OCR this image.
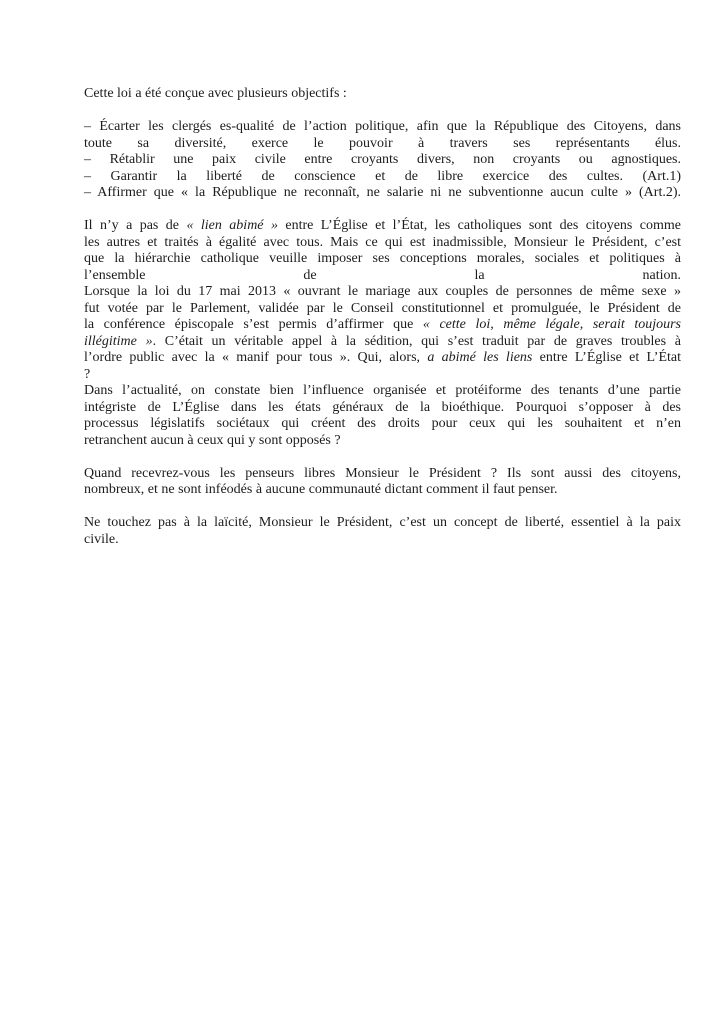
Cette loi a été conçue avec plusieurs objectifs :
– Écarter les clergés es-qualité de l’action politique, afin que la République des Citoyens, dans
toute sa diversité, exerce le pouvoir à travers ses représentants élus.
– Rétablir une paix civile entre croyants divers, non croyants ou agnostiques.
– Garantir la liberté de conscience et de libre exercice des cultes. (Art.1)
– Affirmer que « la République ne reconnaît, ne salarie ni ne subventionne aucun culte » (Art.2).
Il n’y a pas de « lien abimé » entre L’Église et l’État, les catholiques sont des citoyens comme
les autres et traités à égalité avec tous. Mais ce qui est inadmissible, Monsieur le Président, c’est
que la hiérarchie catholique veuille imposer ses conceptions morales, sociales et politiques à
l’ensemble de la nation.
Lorsque la loi du 17 mai 2013 « ouvrant le mariage aux couples de personnes de même sexe »
fut votée par le Parlement, validée par le Conseil constitutionnel et promulguée, le Président de
la conférence épiscopale s’est permis d’affirmer que « cette loi, même légale, serait toujours
illégitime ». C’était un véritable appel à la sédition, qui s’est traduit par de graves troubles à
l’ordre public avec la « manif pour tous ». Qui, alors, a abimé les liens entre L’Église et L’État
?
Dans l’actualité, on constate bien l’influence organisée et protéiforme des tenants d’une partie
intégriste de L’Église dans les états généraux de la bioéthique. Pourquoi s’opposer à des
processus législatifs sociétaux qui créent des droits pour ceux qui les souhaitent et n’en
retranchent aucun à ceux qui y sont opposés ?
Quand recevrez-vous les penseurs libres Monsieur le Président ? Ils sont aussi des citoyens,
nombreux, et ne sont inféodés à aucune communauté dictant comment il faut penser.
Ne touchez pas à la laïcité, Monsieur le Président, c’est un concept de liberté, essentiel à la paix
civile.
